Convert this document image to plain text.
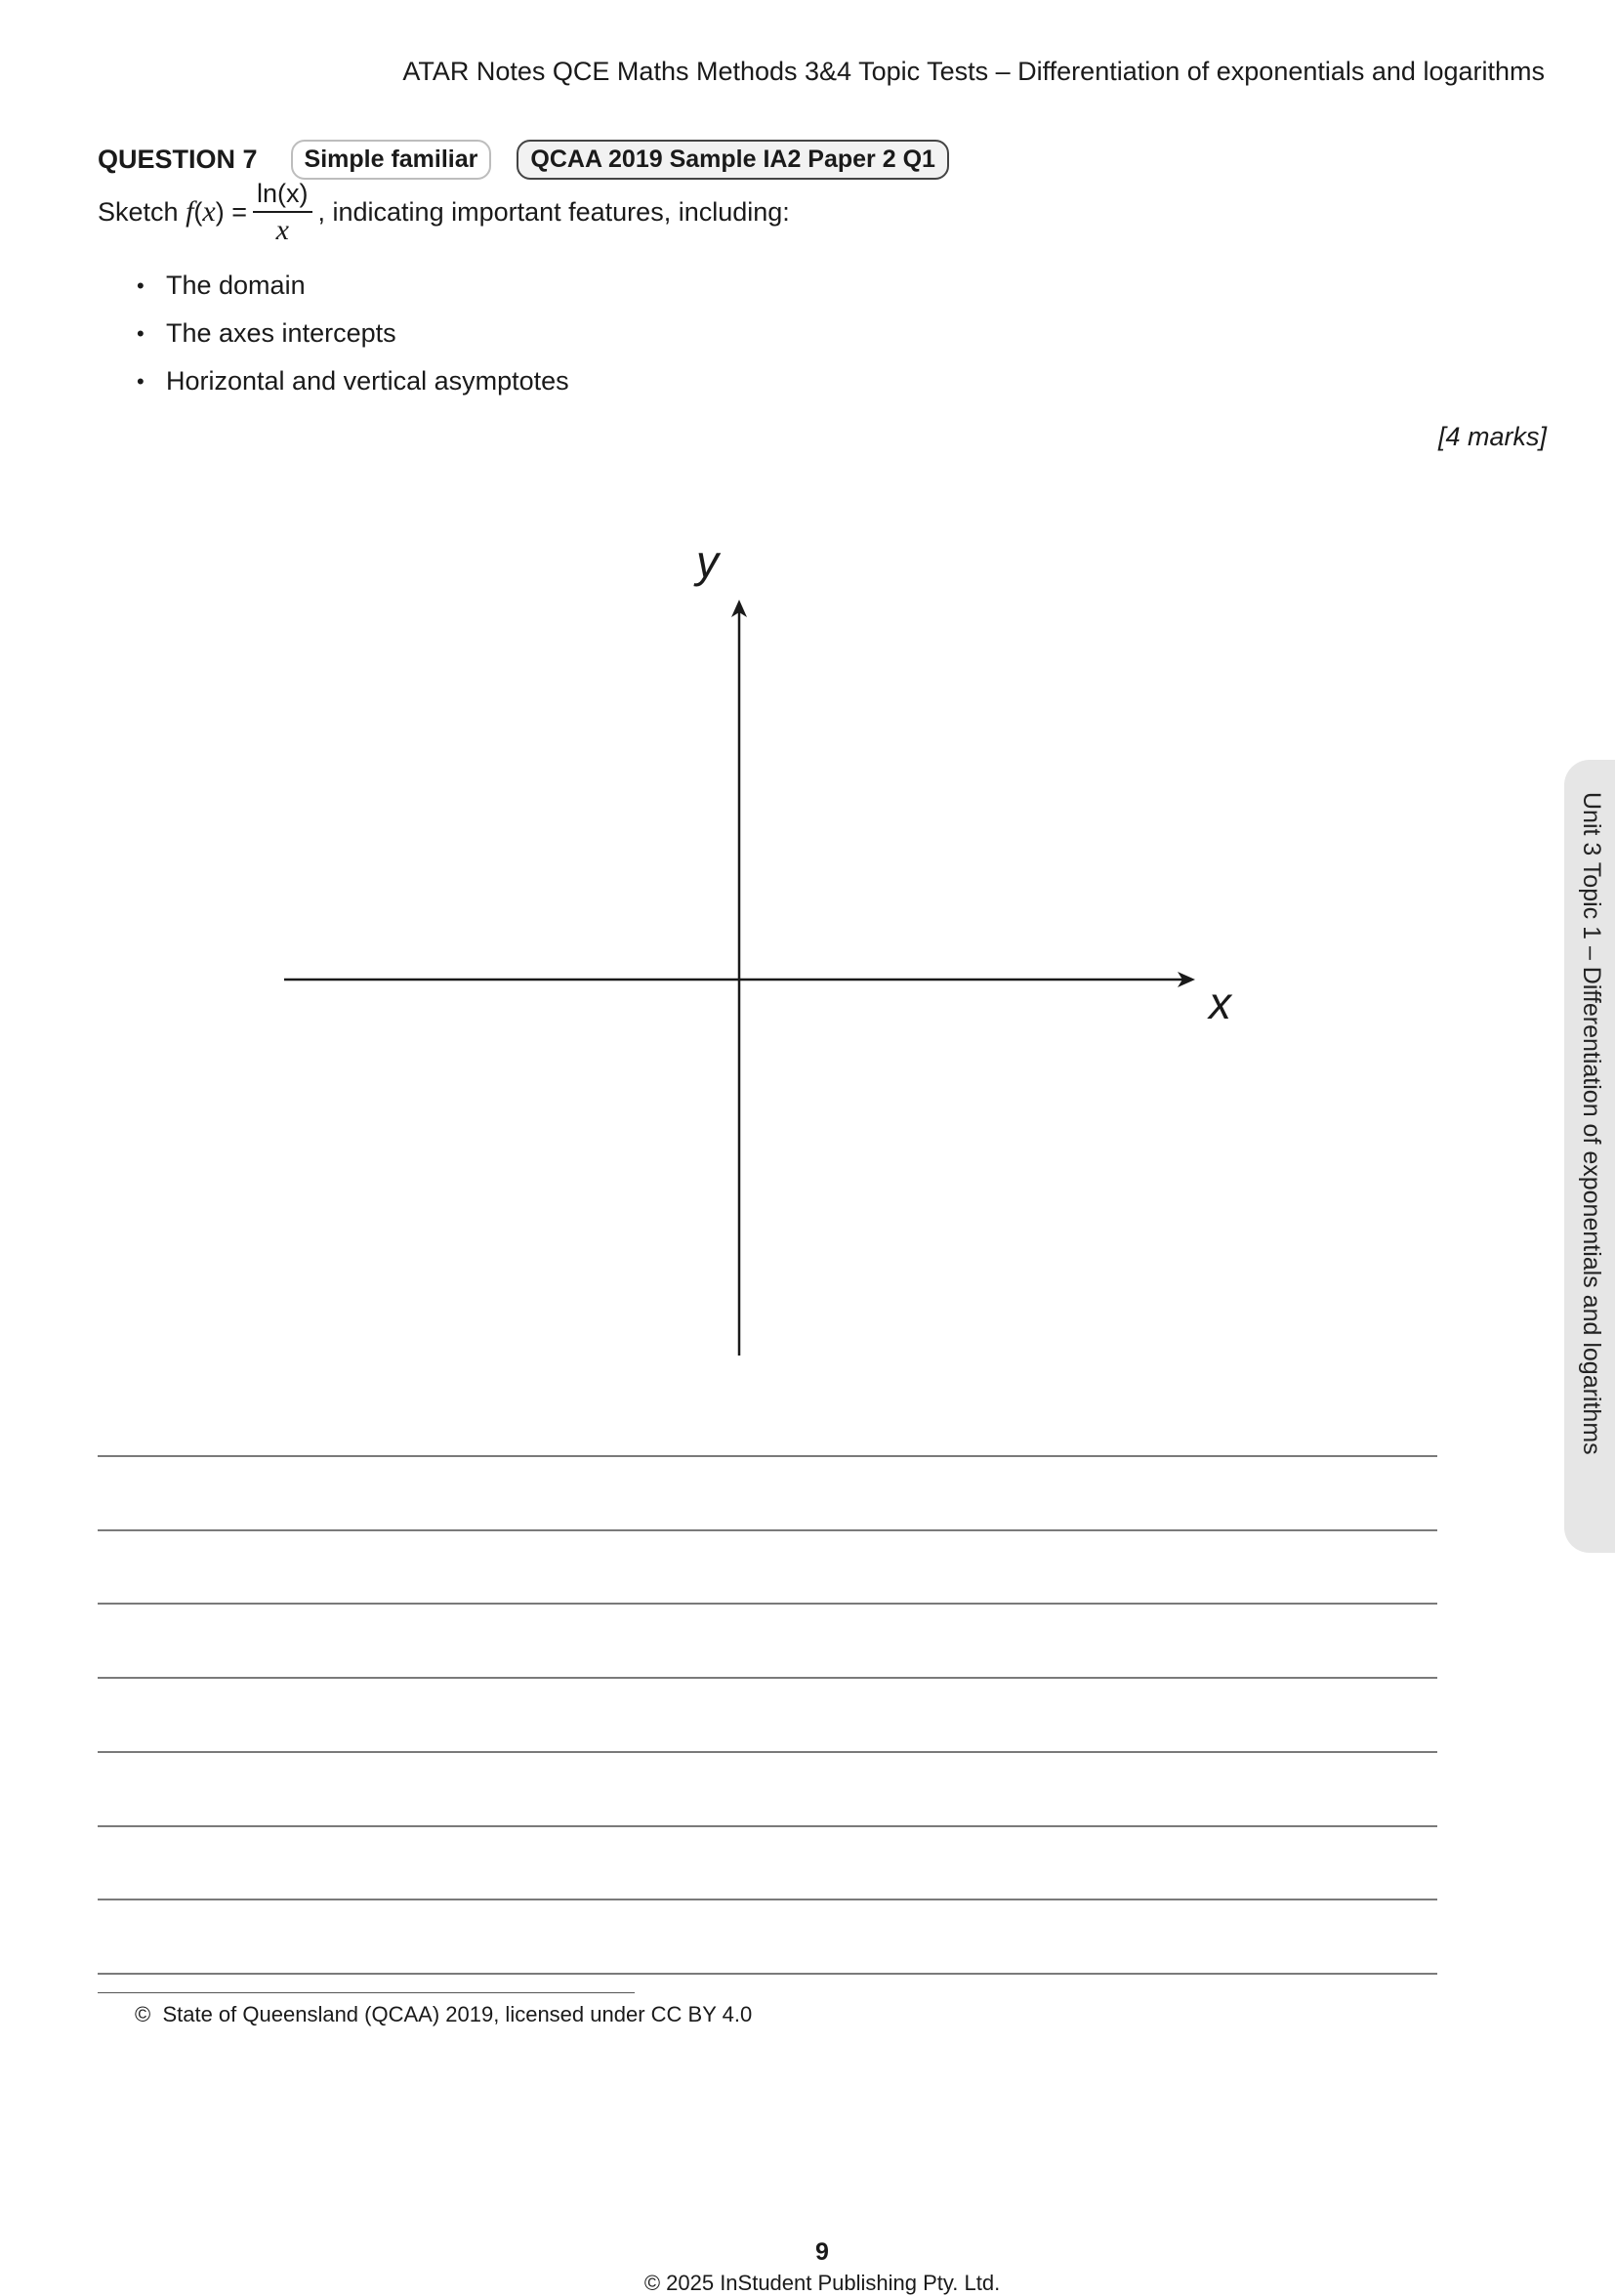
ATAR Notes QCE Maths Methods 3&4 Topic Tests – Differentiation of exponentials and logarithms
QUESTION 7	Simple familiar	QCAA 2019 Sample IA2 Paper 2 Q1
Sketch
f ( x ) = $\frac{\ln(x)}{x}$ , indicating important features, including:
• The domain
• The axes intercepts
• Horizontal and vertical asymptotes
[4 marks]
x
y
© State of Queensland (QCAA) 2019, licensed under CC BY 4.0
Unit 3 Topic 1 – Differentiation of exponentials and logarithms
9
© 2025 InStudent Publishing Pty. Ltd.
